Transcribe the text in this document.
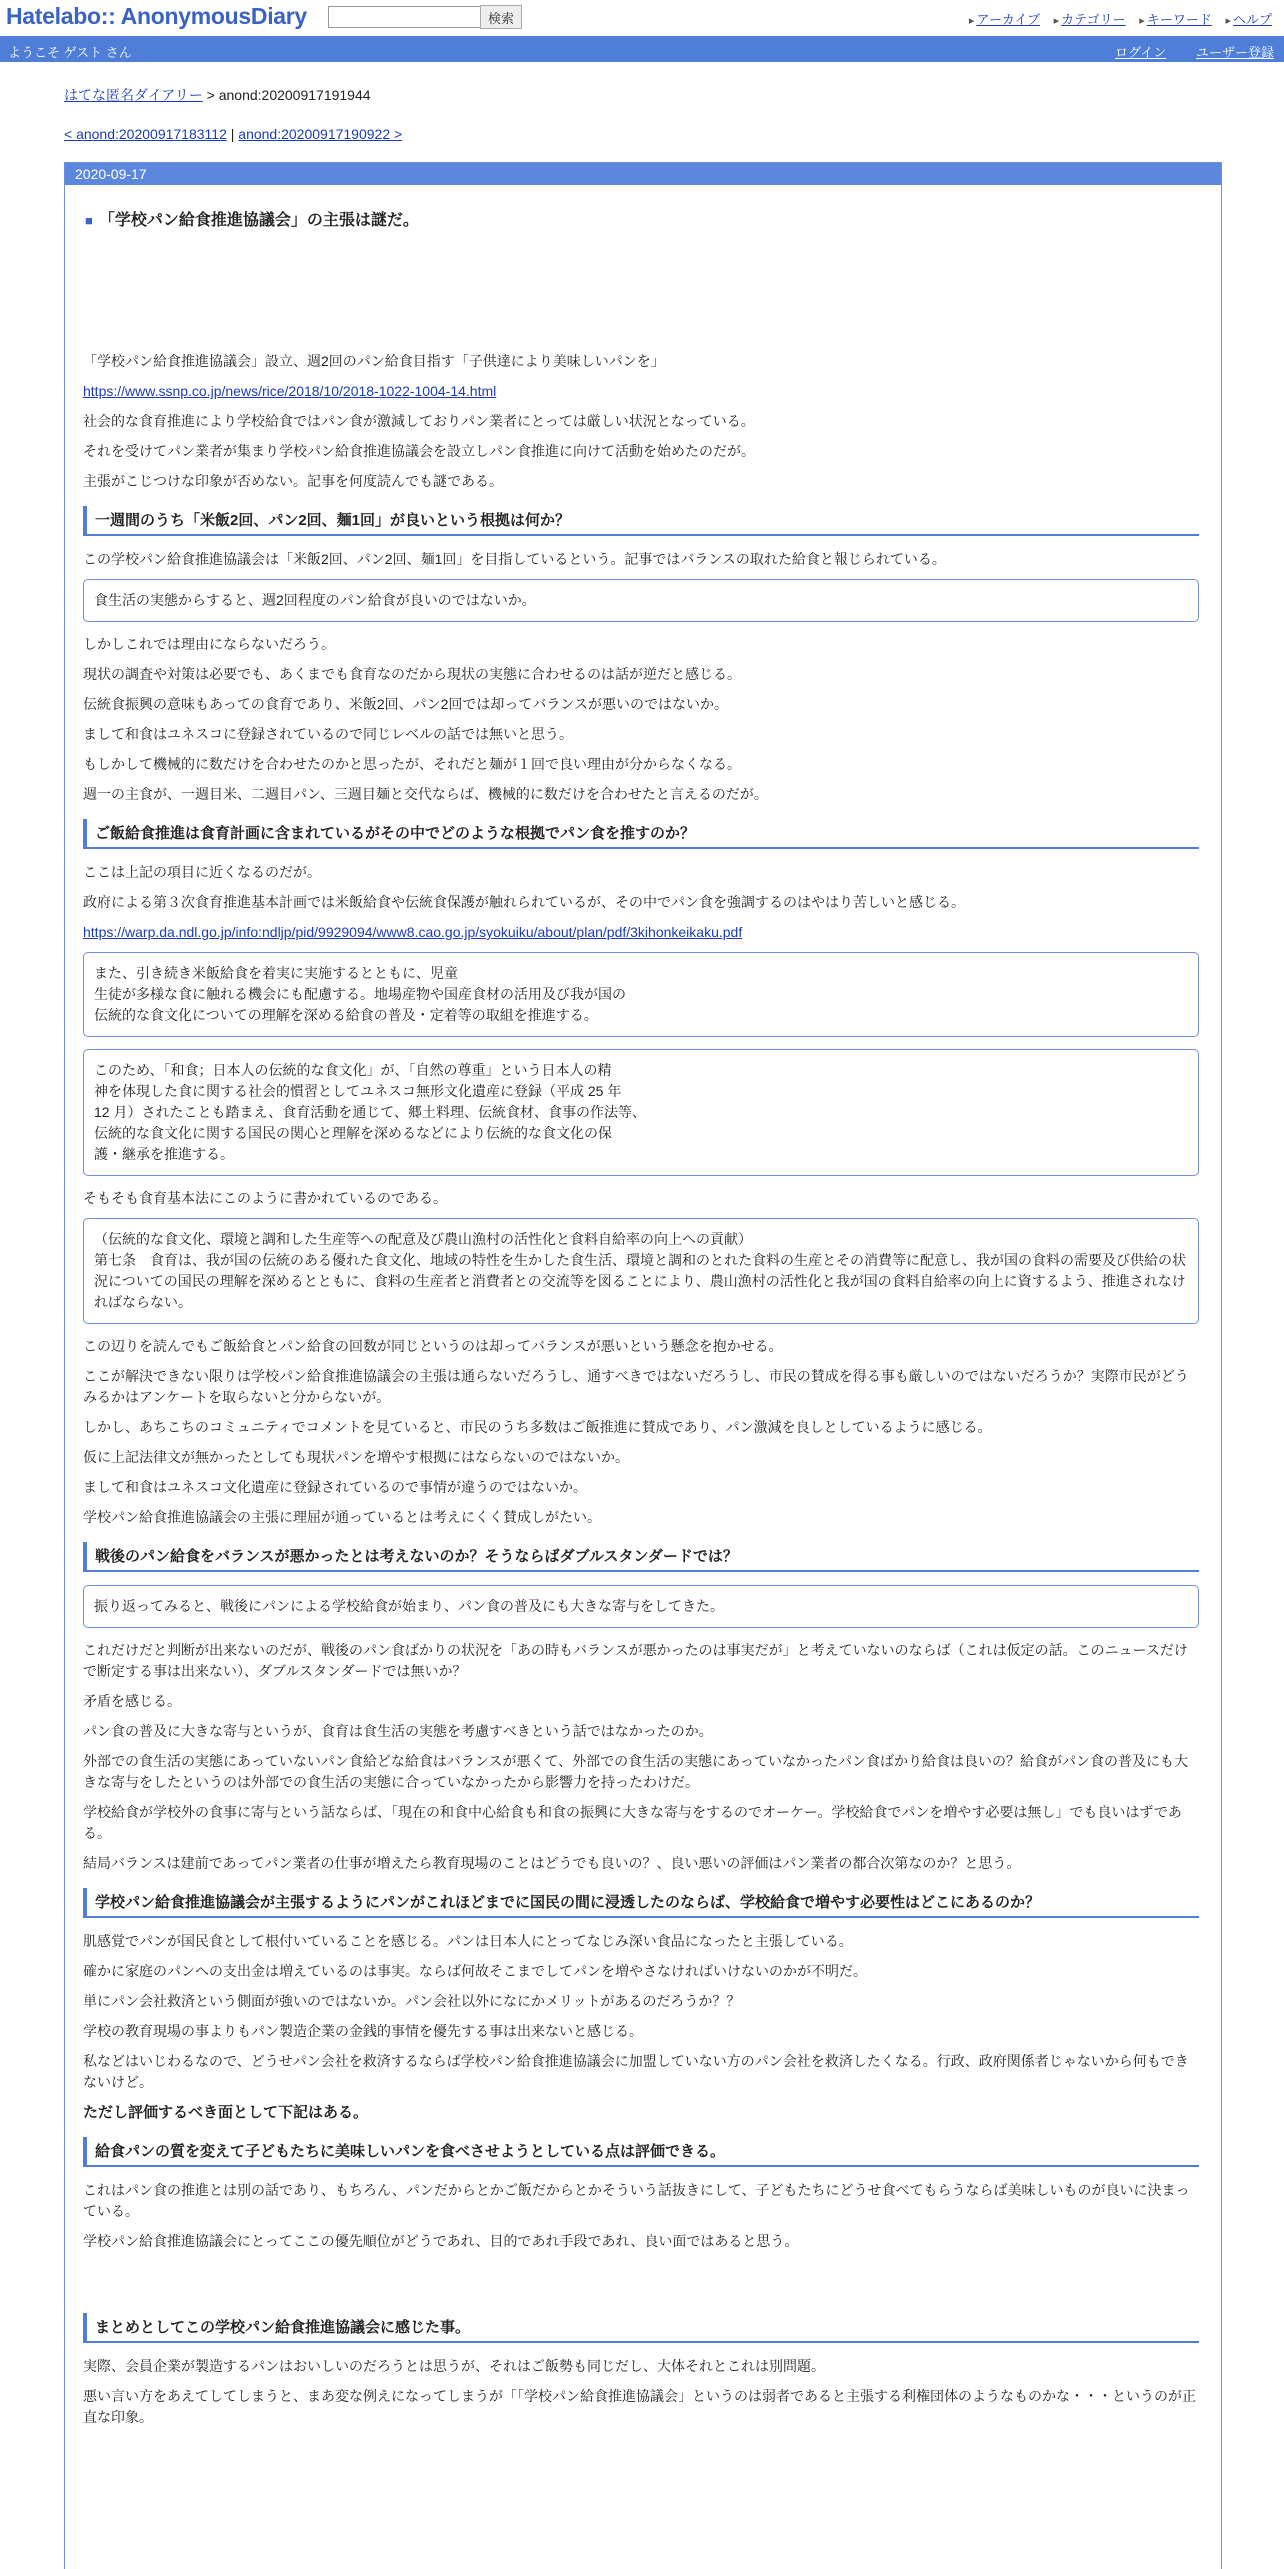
Hatelabo:: AnonymousDiary	検索	▸ アーカイブ ▸ カテゴリー ▸ キーワード ▸ ヘルプ
ようこそ ゲスト さん	ログイン ユーザー登録
はてな匿名ダイアリー > anond:20200917191944
< anond:20200917183112 | anond:20200917190922 >
2020-09-17
■ 「学校パン給食推進協議会」の主張は謎だ。

「学校パン給食推進協議会」設立、週2回のパン給食目指す「子供達により美味しいパンを」

https://www.ssnp.co.jp/news/rice/2018/10/2018-1022-1004-14.html

社会的な食育推進により学校給食ではパン食が激減しておりパン業者にとっては厳しい状況となっている。

それを受けてパン業者が集まり学校パン給食推進協議会を設立しパン食推進に向けて活動を始めたのだが。

主張がこじつけな印象が否めない。記事を何度読んでも謎である。

一週間のうち「米飯2回、パン2回、麺1回」が良いという根拠は何か？

この学校パン給食推進協議会は「米飯2回、パン2回、麺1回」を目指しているという。記事ではバランスの取れた給食と報じられている。

食生活の実態からすると、週2回程度のパン給食が良いのではないか。

しかしこれでは理由にならないだろう。

現状の調査や対策は必要でも、あくまでも食育なのだから現状の実態に合わせるのは話が逆だと感じる。

伝統食振興の意味もあっての食育であり、米飯2回、パン2回では却ってバランスが悪いのではないか。

まして和食はユネスコに登録されているので同じレベルの話では無いと思う。

もしかして機械的に数だけを合わせたのかと思ったが、それだと麺が１回で良い理由が分からなくなる。

週一の主食が、一週目米、二週目パン、三週目麺と交代ならば、機械的に数だけを合わせたと言えるのだが。

ご飯給食推進は食育計画に含まれているがその中でどのような根拠でパン食を推すのか？

ここは上記の項目に近くなるのだが。

政府による第３次食育推進基本計画では米飯給食や伝統食保護が触れられているが、その中でパン食を強調するのはやはり苦しいと感じる。

https://warp.da.ndl.go.jp/info:ndljp/pid/9929094/www8.cao.go.jp/syokuiku/about/plan/pdf/3kihonkeikaku.pdf

また、引き続き米飯給食を着実に実施するとともに、児童

生徒が多様な食に触れる機会にも配慮する。地場産物や国産食材の活用及び我が国の

伝統的な食文化についての理解を深める給食の普及・定着等の取組を推進する。

このため、「和食；日本人の伝統的な食文化」が、「自然の尊重」という日本人の精

神を体現した食に関する社会的慣習としてユネスコ無形文化遺産に登録（平成 25 年

12 月）されたことも踏まえ、食育活動を通じて、郷土料理、伝統食材、食事の作法等、

伝統的な食文化に関する国民の関心と理解を深めるなどにより伝統的な食文化の保

護・継承を推進する。

そもそも食育基本法にこのように書かれているのである。

（伝統的な食文化、環境と調和した生産等への配意及び農山漁村の活性化と食料自給率の向上への貢献）

第七条　食育は、我が国の伝統のある優れた食文化、地域の特性を生かした食生活、環境と調和のとれた食料の生産とその消費等に配意し、我が国の食料の需要及び供給の状況についての国民の理解を深めるとともに、食料の生産者と消費者との交流等を図ることにより、農山漁村の活性化と我が国の食料自給率の向上に資するよう、推進されなければならない。

この辺りを読んでもご飯給食とパン給食の回数が同じというのは却ってバランスが悪いという懸念を抱かせる。

ここが解決できない限りは学校パン給食推進協議会の主張は通らないだろうし、通すべきではないだろうし、市民の賛成を得る事も厳しいのではないだろうか？実際市民がどうみるかはアンケートを取らないと分からないが。

しかし、あちこちのコミュニティでコメントを見ていると、市民のうち多数はご飯推進に賛成であり、パン激減を良しとしているように感じる。

仮に上記法律文が無かったとしても現状パンを増やす根拠にはならないのではないか。

まして和食はユネスコ文化遺産に登録されているので事情が違うのではないか。

学校パン給食推進協議会の主張に理屈が通っているとは考えにくく賛成しがたい。

戦後のパン給食をバランスが悪かったとは考えないのか？そうならばダブルスタンダードでは？

振り返ってみると、戦後にパンによる学校給食が始まり、パン食の普及にも大きな寄与をしてきた。

これだけだと判断が出来ないのだが、戦後のパン食ばかりの状況を「あの時もバランスが悪かったのは事実だが」と考えていないのならば（これは仮定の話。このニュースだけで断定する事は出来ない）、ダブルスタンダードでは無いか？

矛盾を感じる。

パン食の普及に大きな寄与というが、食育は食生活の実態を考慮すべきという話ではなかったのか。

外部での食生活の実態にあっていないパン食給どな給食はバランスが悪くて、外部での食生活の実態にあっていなかったパン食ばかり給食は良いの？給食がパン食の普及にも大きな寄与をしたというのは外部での食生活の実態に合っていなかったから影響力を持ったわけだ。

学校給食が学校外の食事に寄与という話ならば、「現在の和食中心給食も和食の振興に大きな寄与をするのでオーケー。学校給食でパンを増やす必要は無し」でも良いはずである。

結局バランスは建前であってパン業者の仕事が増えたら教育現場のことはどうでも良いの？、良い悪いの評価はパン業者の都合次第なのか？と思う。

学校パン給食推進協議会が主張するようにパンがこれほどまでに国民の間に浸透したのならば、学校給食で増やす必要性はどこにあるのか？

肌感覚でパンが国民食として根付いていることを感じる。パンは日本人にとってなじみ深い食品になったと主張している。

確かに家庭のパンへの支出金は増えているのは事実。ならば何故そこまでしてパンを増やさなければいけないのかが不明だ。

単にパン会社救済という側面が強いのではないか。パン会社以外になにかメリットがあるのだろうか？？

学校の教育現場の事よりもパン製造企業の金銭的事情を優先する事は出来ないと感じる。

私などはいじわるなので、どうせパン会社を救済するならば学校パン給食推進協議会に加盟していない方のパン会社を救済したくなる。行政、政府関係者じゃないから何もできないけど。

ただし評価するべき面として下記はある。

給食パンの質を変えて子どもたちに美味しいパンを食べさせようとしている点は評価できる。

これはパン食の推進とは別の話であり、もちろん、パンだからとかご飯だからとかそういう話抜きにして、子どもたちにどうせ食べてもらうならば美味しいものが良いに決まっている。

学校パン給食推進協議会にとってここの優先順位がどうであれ、目的であれ手段であれ、良い面ではあると思う。

まとめとしてこの学校パン給食推進協議会に感じた事。

実際、会員企業が製造するパンはおいしいのだろうとは思うが、それはご飯勢も同じだし、大体それとこれは別問題。

悪い言い方をあえてしてしまうと、まあ変な例えになってしまうが「「学校パン給食推進協議会」というのは弱者であると主張する利権団体のようなものかな・・・というのが正直な印象。
